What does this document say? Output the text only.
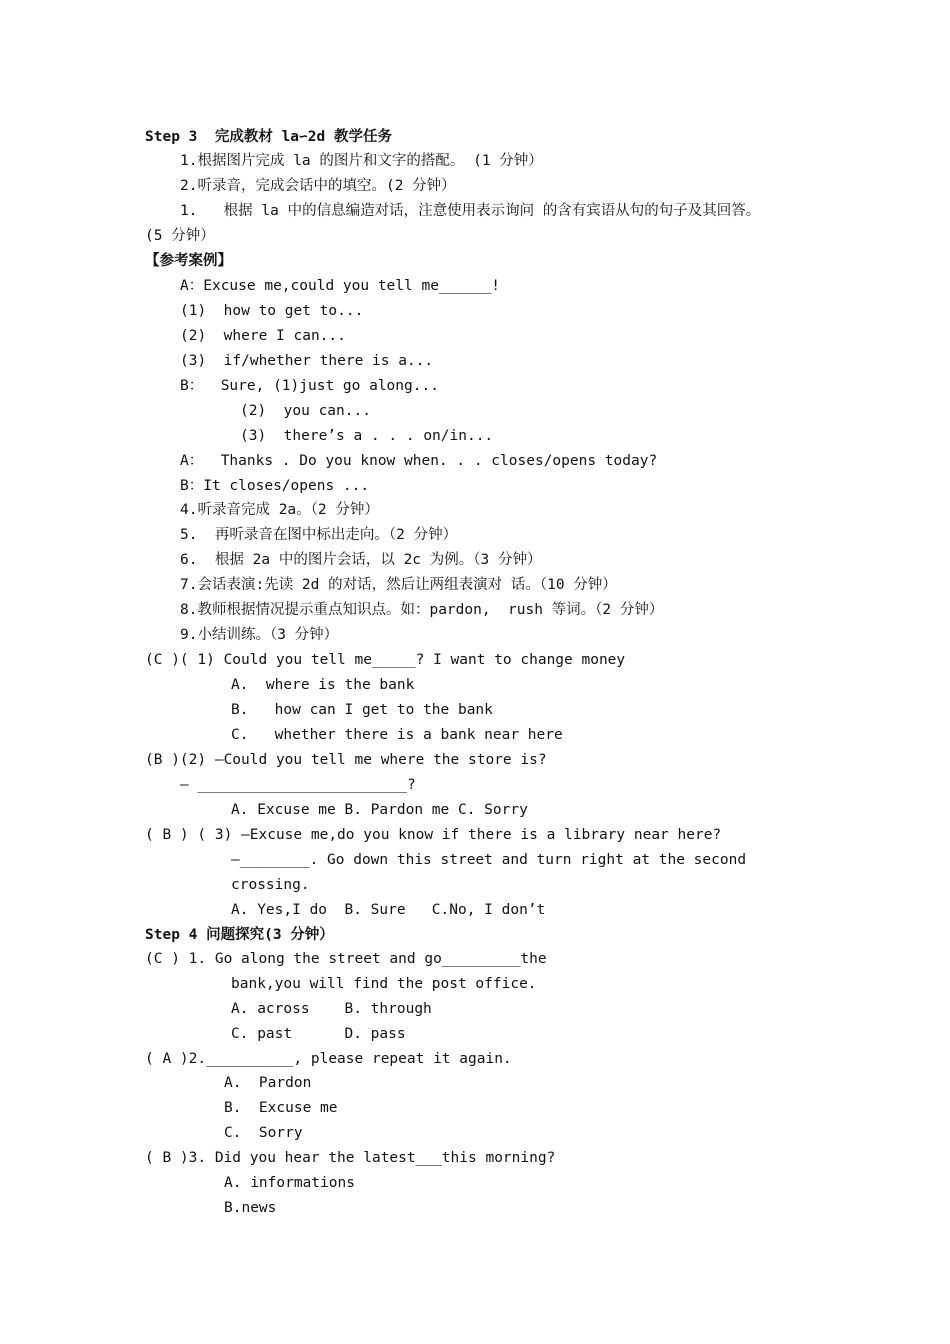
Step 3  完成教材 la∽2d 教学任务
1.根据图片完成 la 的图片和文字的搭配。 (1 分钟）
2.听录音，完成会话中的填空。(2 分钟）
1.   根据 la 中的信息编造对话，注意使用表示询问 的含有宾语从句的句子及其回答。
(5 分钟）
【参考案例】
A：Excuse me,could you tell me______!
(1)  how to get to...
(2)  where I can...
(3)  if/whether there is a...
B：  Sure, (1)just go along...
(2)  you can...
(3)  there’s a . . . on/in...
A：  Thanks . Do you know when. . . closes/opens today?
B：It closes/opens ...
4.听录音完成 2a。（2 分钟）
5.  再听录音在图中标出走向。（2 分钟）
6.  根据 2a 中的图片会话，以 2c 为例。（3 分钟）
7.会话表演:先读 2d 的对话，然后让两组表演对 话。（10 分钟）
8.教师根据情况提示重点知识点。如：pardon,  rush 等词。（2 分钟）
9.小结训练。（3 分钟）
(C )( 1) Could you tell me_____? I want to change money
A.  where is the bank
B.   how can I get to the bank
C.   whether there is a bank near here
(B )(2) —Could you tell me where the store is?
— ________________________?
A. Excuse me B. Pardon me C. Sorry
( B ) ( 3) —Excuse me,do you know if there is a library near here?
—________. Go down this street and turn right at the second
crossing.
A. Yes,I do  B. Sure   C.No, I don’t
Step 4 问题探究(3 分钟）
(C ) 1. Go along the street and go_________the
bank,you will find the post office.
A. across    B. through
C. past      D. pass
( A )2.__________, please repeat it again.
A.  Pardon
B.  Excuse me
C.  Sorry
( B )3. Did you hear the latest___this morning?
A. informations
B.news
